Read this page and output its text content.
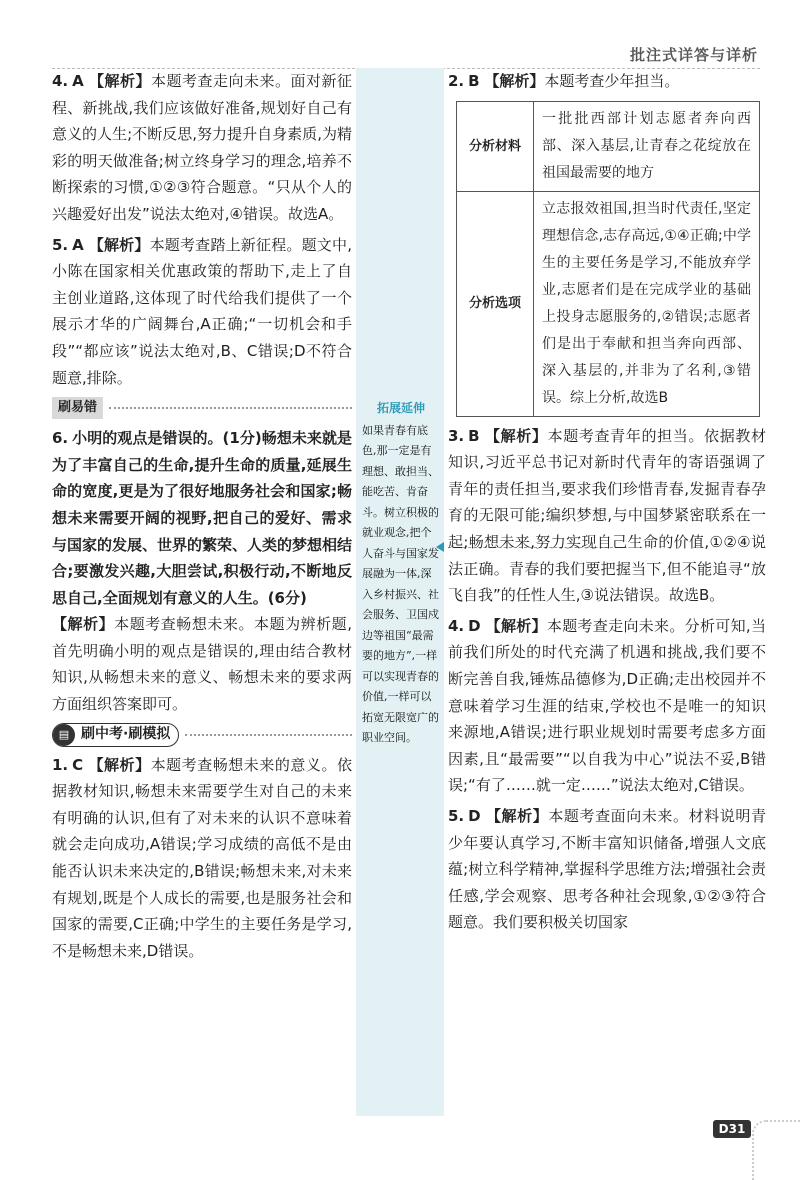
批注式详答与详析
拓展延伸
如果青春有底色,那一定是有理想、敢担当、能吃苦、肯奋斗。树立积极的就业观念,把个人奋斗与国家发展融为一体,深入乡村振兴、社会服务、卫国戍边等祖国“最需要的地方”,一样可以实现青春的价值,一样可以拓宽无限宽广的职业空间。

4. A 【解析】本题考查走向未来。面对新征程、新挑战,我们应该做好准备,规划好自己有意义的人生;不断反思,努力提升自身素质,为精彩的明天做准备;树立终身学习的理念,培养不断探索的习惯,①②③符合题意。“只从个人的兴趣爱好出发”说法太绝对,④错误。故选A。

5. A 【解析】本题考查踏上新征程。题文中,小陈在国家相关优惠政策的帮助下,走上了自主创业道路,这体现了时代给我们提供了一个展示才华的广阔舞台,A正确;“一切机会和手段”“都应该”说法太绝对,B、C错误;D不符合题意,排除。

刷易错

6. 小明的观点是错误的。(1分)畅想未来就是为了丰富自己的生命,提升生命的质量,延展生命的宽度,更是为了很好地服务社会和国家;畅想未来需要开阔的视野,把自己的爱好、需求与国家的发展、世界的繁荣、人类的梦想相结合;要激发兴趣,大胆尝试,积极行动,不断地反思自己,全面规划有意义的人生。(6分)

【解析】本题考查畅想未来。本题为辨析题,首先明确小明的观点是错误的,理由结合教材知识,从畅想未来的意义、畅想未来的要求两方面组织答案即可。

▤ 刷中考·刷模拟

1. C 【解析】本题考查畅想未来的意义。依据教材知识,畅想未来需要学生对自己的未来有明确的认识,但有了对未来的认识不意味着就会走向成功,A错误;学习成绩的高低不是由能否认识未来决定的,B错误;畅想未来,对未来有规划,既是个人成长的需要,也是服务社会和国家的需要,C正确;中学生的主要任务是学习,不是畅想未来,D错误。

2. B 【解析】本题考查少年担当。

分析材料	一批批西部计划志愿者奔向西部、深入基层,让青春之花绽放在祖国最需要的地方
分析选项	立志报效祖国,担当时代责任,坚定理想信念,志存高远,①④正确;中学生的主要任务是学习,不能放弃学业,志愿者们是在完成学业的基础上投身志愿服务的,②错误;志愿者们是出于奉献和担当奔向西部、深入基层的,并非为了名利,③错误。综上分析,故选B

3. B 【解析】本题考查青年的担当。依据教材知识,习近平总书记对新时代青年的寄语强调了青年的责任担当,要求我们珍惜青春,发掘青春孕育的无限可能;编织梦想,与中国梦紧密联系在一起;畅想未来,努力实现自己生命的价值,①②④说法正确。青春的我们要把握当下,但不能追寻“放飞自我”的任性人生,③说法错误。故选B。

4. D 【解析】本题考查走向未来。分析可知,当前我们所处的时代充满了机遇和挑战,我们要不断完善自我,锤炼品德修为,D正确;走出校园并不意味着学习生涯的结束,学校也不是唯一的知识来源地,A错误;进行职业规划时需要考虑多方面因素,且“最需要”“以自我为中心”说法不妥,B错误;“有了……就一定……”说法太绝对,C错误。

5. D 【解析】本题考查面向未来。材料说明青少年要认真学习,不断丰富知识储备,增强人文底蕴;树立科学精神,掌握科学思维方法;增强社会责任感,学会观察、思考各种社会现象,①②③符合题意。我们要积极关切国家

D31
